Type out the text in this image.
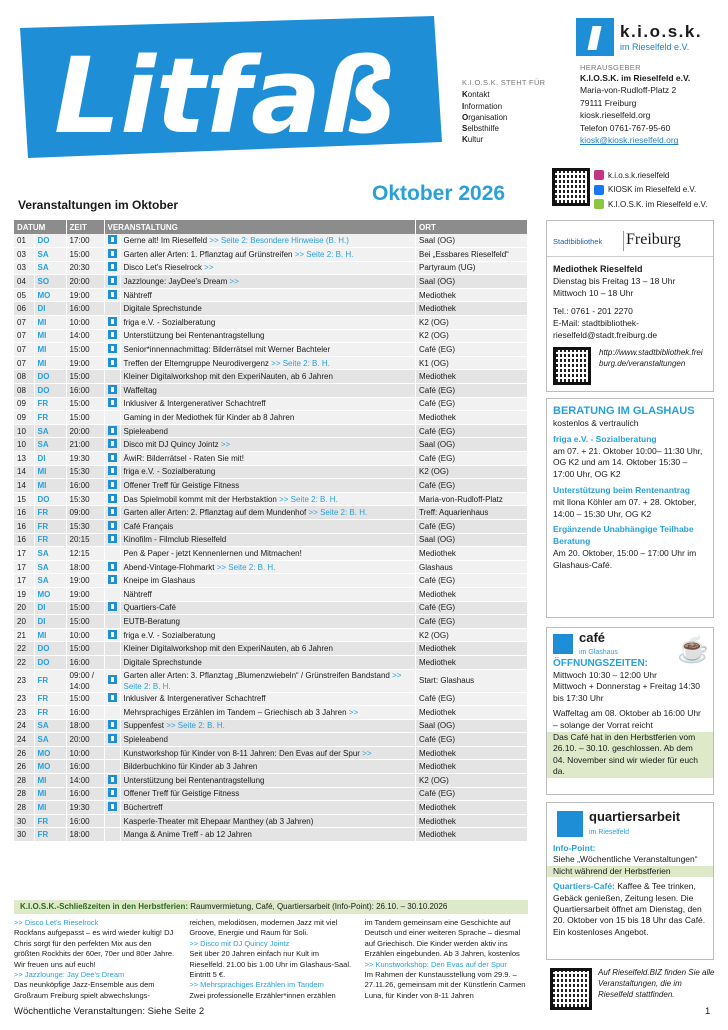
Litfaß	K.I.O.S.K. STEHT FÜR
Kontakt
Information
Organisation
Selbsthilfe
Kultur
k.i.o.s.k.
im Rieselfeld e.V.
HERAUSGEBER
K.I.O.S.K. im Rieselfeld e.V.
Maria-von-Rudloff-Platz 2
79111 Freiburg
kiosk.rieselfeld.org
Telefon 0761-767-95-60
kiosk@kiosk.rieselfeld.org
k.i.o.s.k.rieselfeld
KIOSK im Rieselfeld e.V.
K.I.O.S.K. im Rieselfeld e.V.
Oktober 2026
Veranstaltungen im Oktober
DATUM		ZEIT	VERANSTALTUNG		ORT
01	DO	17:00		Gerne alt! Im Rieselfeld >> Seite 2: Besondere Hinweise (B. H.)	Saal (OG)
03	SA	15:00		Garten aller Arten: 1. Pflanztag auf Grünstreifen >> Seite 2: B. H.	Bei „Essbares Rieselfeld“
03	SA	20:30		Disco Let's Rieselrock >>	Partyraum (UG)
04	SO	20:00		Jazzlounge: JayDee's Dream >>	Saal (OG)
05	MO	19:00		Nähtreff	Mediothek
06	DI	16:00		Digitale Sprechstunde	Mediothek
07	MI	10:00		friga e.V. - Sozialberatung	K2 (OG)
07	MI	14:00		Unterstützung bei Rentenantragstellung	K2 (OG)
07	MI	15:00		Senior*innennachmittag: Bilderrätsel mit Werner Bachteler	Café (EG)
07	MI	19:00		Treffen der Elterngruppe Neurodivergenz >> Seite 2: B. H.	K1 (OG)
08	DO	15:00		Kleiner Digitalworkshop mit den ExperiNauten, ab 6 Jahren	Mediothek
08	DO	16:00		Waffeltag	Café (EG)
09	FR	15:00		Inklusiver & Intergenerativer Schachtreff	Café (EG)
09	FR	15:00		Gaming in der Mediothek für Kinder ab 8 Jahren	Mediothek
10	SA	20:00		Spieleabend	Café (EG)
10	SA	21:00		Disco mit DJ Quincy Jointz >>	Saal (OG)
13	DI	19:30		ÄwiR: Bilderrätsel - Raten Sie mit!	Café (EG)
14	MI	15:30		friga e.V. - Sozialberatung	K2 (OG)
14	MI	16:00		Offener Treff für Geistige Fitness	Café (EG)
15	DO	15:30		Das Spielmobil kommt mit der Herbstaktion >> Seite 2: B. H.	Maria-von-Rudloff-Platz
16	FR	09:00		Garten aller Arten: 2. Pflanztag auf dem Mundenhof >> Seite 2: B. H.	Treff: Aquarienhaus
16	FR	15:30		Café Français	Café (EG)
16	FR	20:15		Kinofilm - Filmclub Rieselfeld	Saal (OG)
17	SA	12:15		Pen & Paper - jetzt Kennenlernen und Mitmachen!	Mediothek
17	SA	18:00		Abend-Vintage-Flohmarkt >> Seite 2: B. H.	Glashaus
17	SA	19:00		Kneipe im Glashaus	Café (EG)
19	MO	19:00		Nähtreff	Mediothek
20	DI	15:00		Quartiers-Café	Café (EG)
20	DI	15:00		EUTB-Beratung	Café (EG)
21	MI	10:00		friga e.V. - Sozialberatung	K2 (OG)
22	DO	15:00		Kleiner Digitalworkshop mit den ExperiNauten, ab 6 Jahren	Mediothek
22	DO	16:00		Digitale Sprechstunde	Mediothek
23	FR	09:00 / 14:00		Garten aller Arten: 3. Pflanztag „Blumenzwiebeln“ / Grünstreifen Bandstand >> Seite 2: B. H.	Start: Glashaus
23	FR	15:00		Inklusiver & Intergenerativer Schachtreff	Café (EG)
23	FR	16:00		Mehrsprachiges Erzählen im Tandem – Griechisch ab 3 Jahren >>	Mediothek
24	SA	18:00		Suppenfest >> Seite 2: B. H.	Saal (OG)
24	SA	20:00		Spieleabend	Café (EG)
26	MO	10:00		Kunstworkshop für Kinder von 8-11 Jahren: Den Evas auf der Spur >>	Mediothek
26	MO	16:00		Bilderbuchkino für Kinder ab 3 Jahren	Mediothek
28	MI	14:00		Unterstützung bei Rentenantragstellung	K2 (OG)
28	MI	16:00		Offener Treff für Geistige Fitness	Café (EG)
28	MI	19:30		Büchertreff	Mediothek
30	FR	16:00		Kasperle-Theater mit Ehepaar Manthey (ab 3 Jahren)	Mediothek
30	FR	18:00		Manga & Anime Treff - ab 12 Jahren	Mediothek
K.I.O.S.K.-Schließzeiten in den Herbstferien: Raumvermietung, Café, Quartiersarbeit (Info-Point): 26.10. – 30.10.2026
>> Disco Let's Rieselrock
Rockfans aufgepasst – es wird wieder kultig! DJ Chris sorgt für den perfekten Mix aus den größten Rockhits der 60er, 70er und 80er Jahre. Wir freuen uns auf euch!
>> Jazzlounge: Jay Dee's Dream
Das neunköpfige Jazz-Ensemble aus dem Großraum Freiburg spielt abwechslungs-
reichen, melodiösen, modernen Jazz mit viel Groove, Energie und Raum für Soli.
>> Disco mit DJ Quincy Jointz
Seit über 20 Jahren einfach nur Kult im Rieselfeld. 21.00 bis 1.00 Uhr im Glashaus-Saal. Eintritt 5 €.
>> Mehrsprachiges Erzählen im Tandem
Zwei professionelle Erzähler*innen erzählen
im Tandem gemeinsam eine Geschichte auf Deutsch und einer weiteren Sprache – diesmal auf Griechisch. Die Kinder werden aktiv ins Erzählen eingebunden. Ab 3 Jahren, kostenlos
>> Kunstworkshop: Den Evas auf der Spur
Im Rahmen der Kunstausstellung vom 29.9. – 27.11.26, gemeinsam mit der Künstlerin Carmen Luna, für Kinder von 8-11 Jahren
Wöchentliche Veranstaltungen: Siehe Seite 2	1
Stadtbibliothek Freiburg
Mediothek Rieselfeld
Dienstag bis Freitag 13 – 18 Uhr
Mittwoch 10 – 18 Uhr
Tel.: 0761 - 201 2270
E-Mail: stadtbibliothek-
rieselfeld@stadt.freiburg.de
http://www.stadtbibliothek.freiburg.de/veranstaltungen
BERATUNG IM GLASHAUS
kostenlos & vertraulich
friga e.V. - Sozialberatung
am 07. + 21. Oktober 10:00– 11:30 Uhr, OG K2 und am 14. Oktober 15:30 – 17:00 Uhr, OG K2
Unterstützung beim Rentenantrag
mit Ilona Köhler am 07. + 28. Oktober, 14:00 – 15:30 Uhr, OG K2
Ergänzende Unabhängige Teilhabe Beratung
Am 20. Oktober, 15:00 – 17:00 Uhr im Glashaus-Café.
café
im Glashaus ☕
ÖFFNUNGSZEITEN:
Mittwoch 10:30 – 12:00 Uhr
Mittwoch + Donnerstag + Freitag 14:30 bis 17:30 Uhr
Waffeltag am 08. Oktober ab 16:00 Uhr – solange der Vorrat reicht
Das Café hat in den Herbstferien vom 26.10. – 30.10. geschlossen. Ab dem 04. November sind wir wieder für euch da.
quartiersarbeit
im Rieselfeld
Info-Point:
Siehe „Wöchentliche Veranstaltungen“
Nicht während der Herbstferien
Quartiers-Café: Kaffee & Tee trinken, Gebäck genießen, Zeitung lesen. Die Quartiersarbeit öffnet am Dienstag, den 20. Oktober von 15 bis 18 Uhr das Café. Ein kostenloses Angebot.
Auf Rieselfeld.BIZ finden Sie alle Veranstaltungen, die im Rieselfeld stattfinden.
